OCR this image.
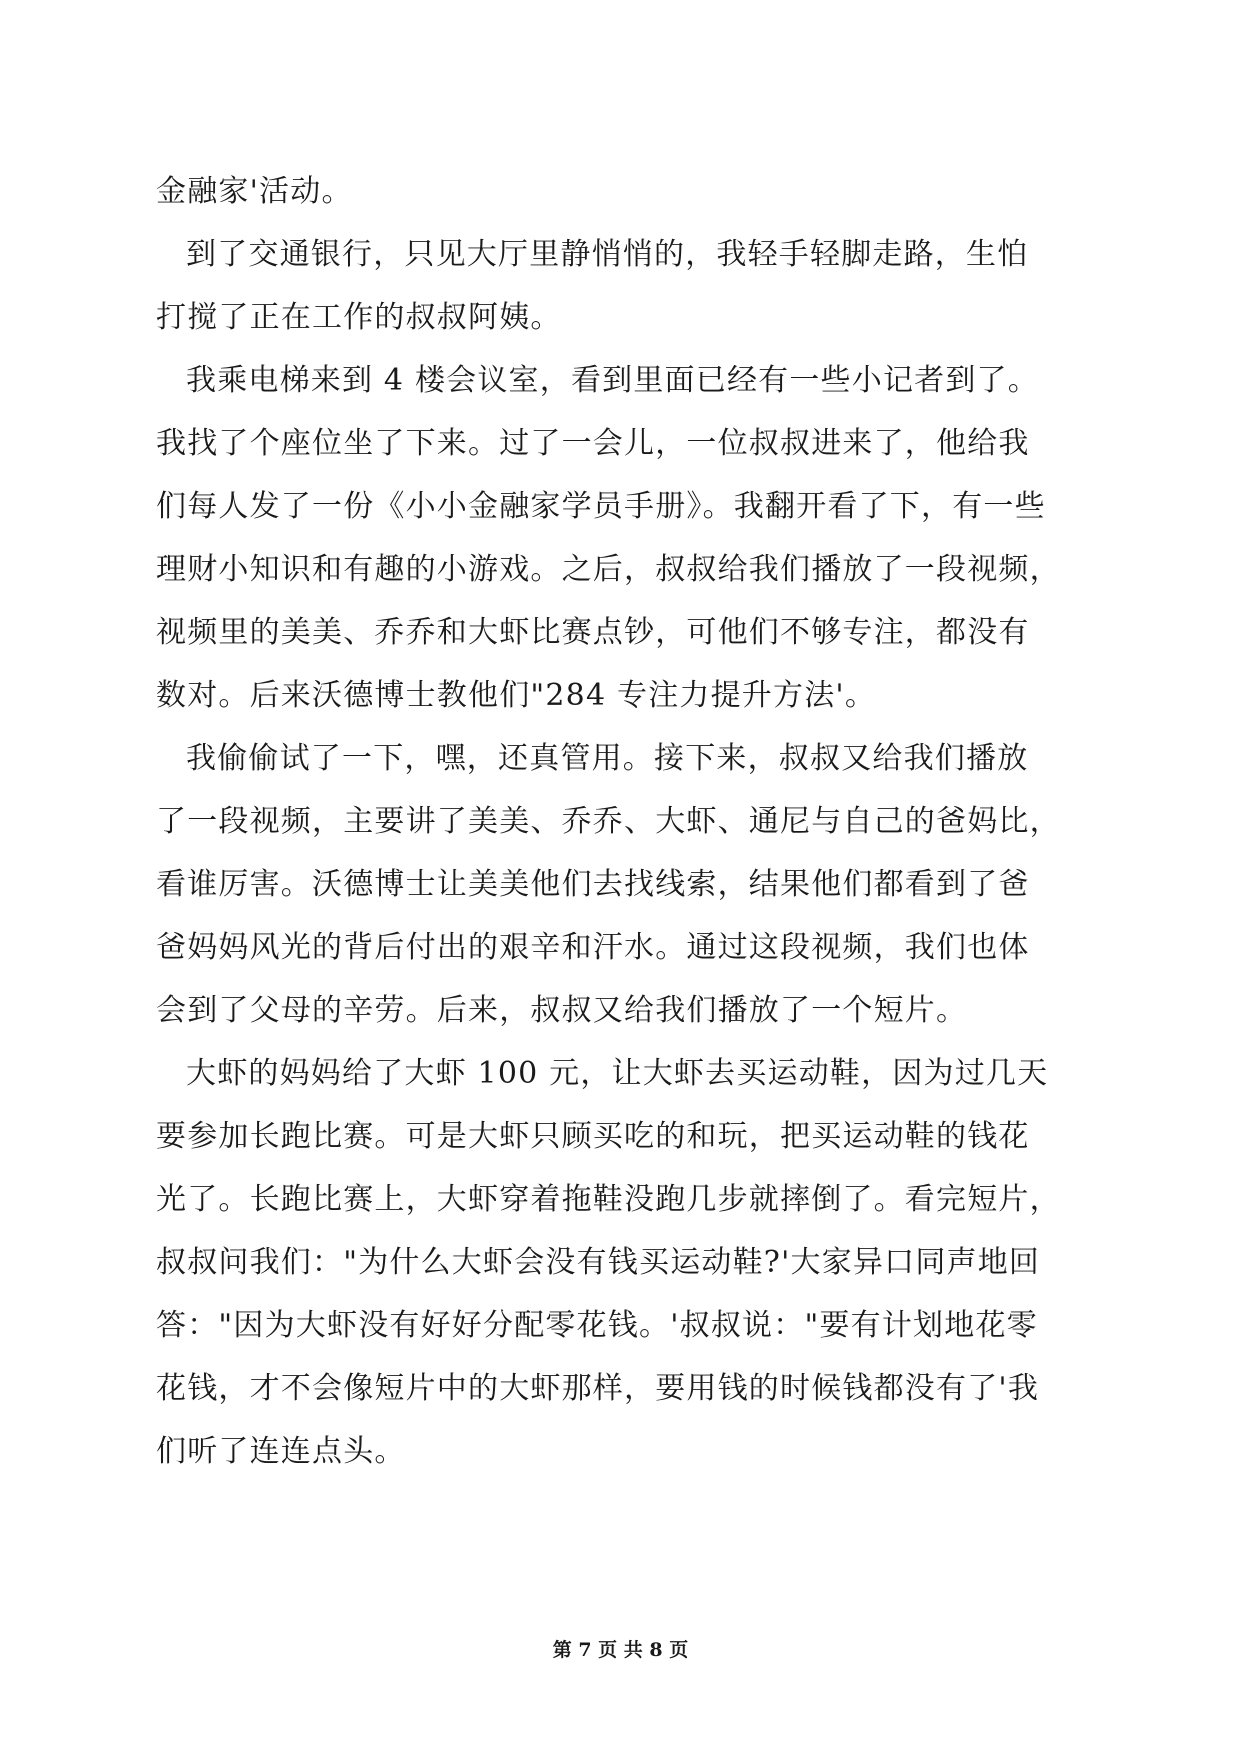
金融家'活动。
到了交通银行，只见大厅里静悄悄的，我轻手轻脚走路，生怕
打搅了正在工作的叔叔阿姨。
我乘电梯来到 4 楼会议室，看到里面已经有一些小记者到了。
我找了个座位坐了下来。过了一会儿，一位叔叔进来了，他给我
们每人发了一份《小小金融家学员手册》。我翻开看了下，有一些
理财小知识和有趣的小游戏。之后，叔叔给我们播放了一段视频，
视频里的美美、乔乔和大虾比赛点钞，可他们不够专注，都没有
数对。后来沃德博士教他们"284 专注力提升方法'。
我偷偷试了一下，嘿，还真管用。接下来，叔叔又给我们播放
了一段视频，主要讲了美美、乔乔、大虾、通尼与自己的爸妈比，
看谁厉害。沃德博士让美美他们去找线索，结果他们都看到了爸
爸妈妈风光的背后付出的艰辛和汗水。通过这段视频，我们也体
会到了父母的辛劳。后来，叔叔又给我们播放了一个短片。
大虾的妈妈给了大虾 100 元，让大虾去买运动鞋，因为过几天
要参加长跑比赛。可是大虾只顾买吃的和玩，把买运动鞋的钱花
光了。长跑比赛上，大虾穿着拖鞋没跑几步就摔倒了。看完短片，
叔叔问我们："为什么大虾会没有钱买运动鞋?'大家异口同声地回
答："因为大虾没有好好分配零花钱。'叔叔说："要有计划地花零
花钱，才不会像短片中的大虾那样，要用钱的时候钱都没有了'我
们听了连连点头。
第 7 页 共 8 页
